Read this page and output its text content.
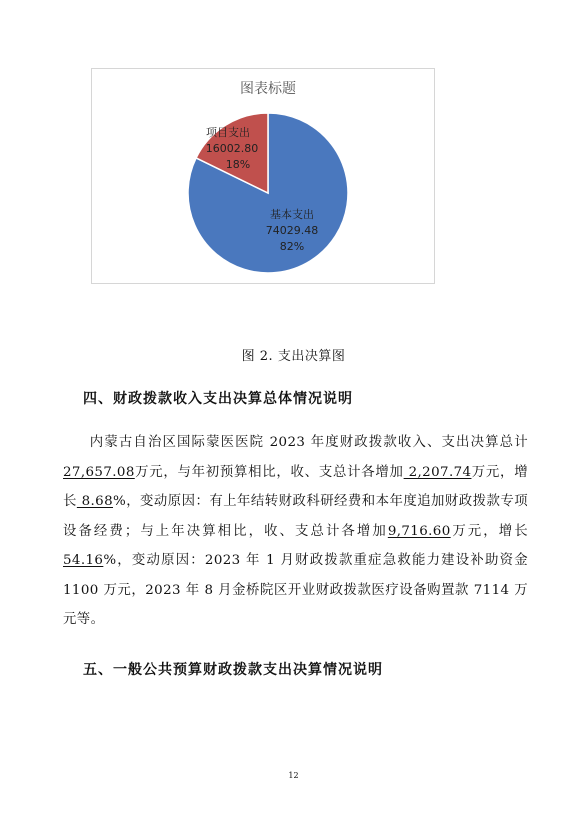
图表标题
项目支出
16002.80
18%
基本支出
74029.48
82%
图 2. 支出决算图
四、财政拨款收入支出决算总体情况说明
内蒙古自治区国际蒙医医院 2023 年度财政拨款收入、支出决算总计 27,657.08万元，与年初预算相比，收、支总计各增加 2,207.74万元，增长 8.68%，变动原因：有上年结转财政科研经费和本年度追加财政拨款专项设备经费；与上年决算相比，收、支总计各增加9,716.60万元，增长 54.16%，变动原因：2023 年 1 月财政拨款重症急救能力建设补助资金 1100 万元，2023 年 8 月金桥院区开业财政拨款医疗设备购置款 7114 万元等。
五、一般公共预算财政拨款支出决算情况说明
12
